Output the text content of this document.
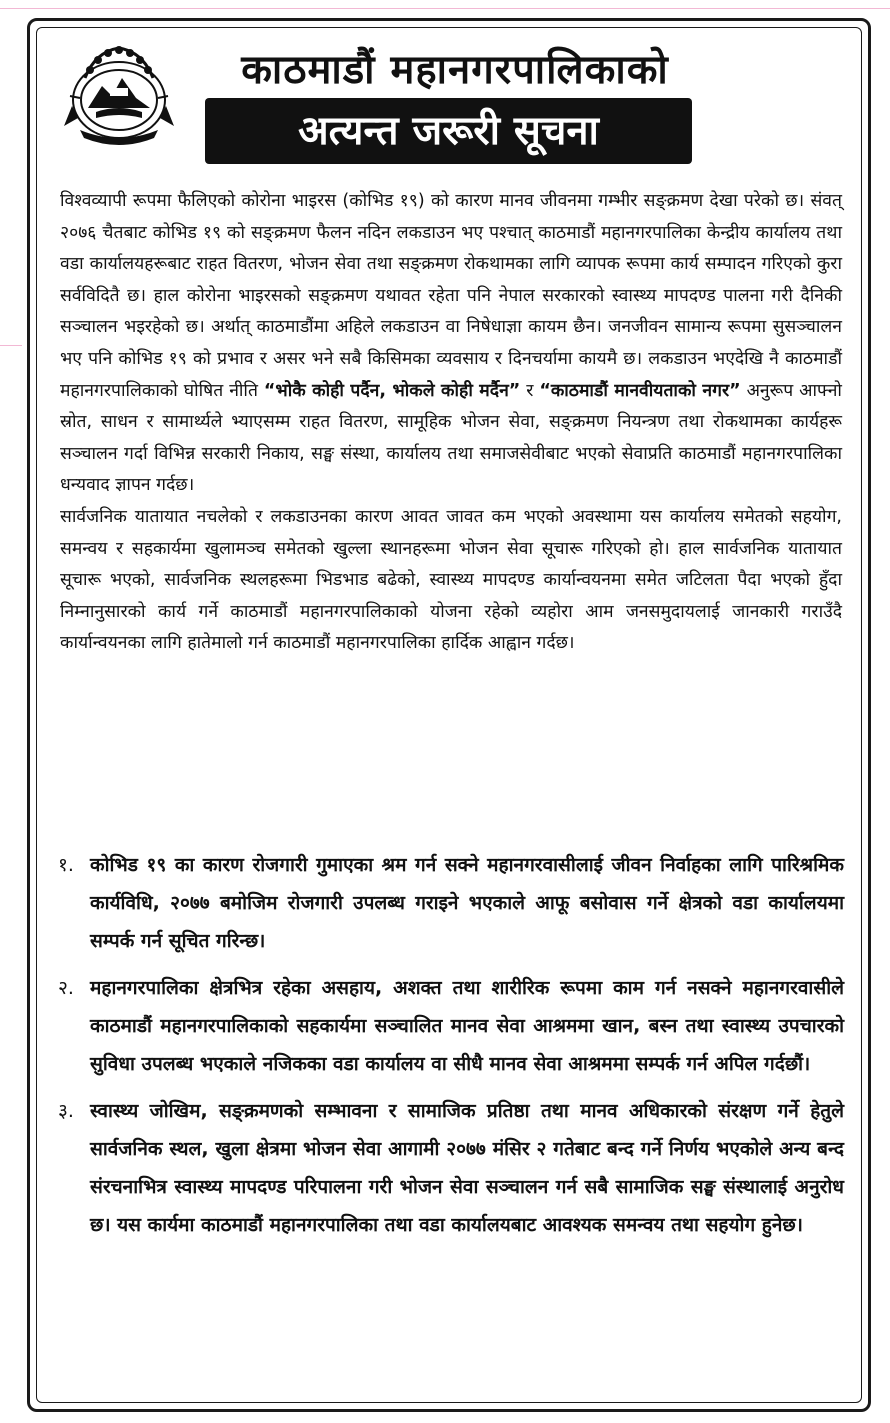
काठमाडौं महानगरपालिकाको
अत्यन्त जरूरी सूचना

विश्वव्यापी रूपमा फैलिएको कोरोना भाइरस (कोभिड १९) को कारण मानव जीवनमा गम्भीर सङ्क्रमण देखा परेको छ। संवत् २०७६ चैतबाट कोभिड १९ को सङ्क्रमण फैलन नदिन लकडाउन भए पश्चात् काठमाडौं महानगरपालिका केन्द्रीय कार्यालय तथा वडा कार्यालयहरूबाट राहत वितरण, भोजन सेवा तथा सङ्क्रमण रोकथामका लागि व्यापक रूपमा कार्य सम्पादन गरिएको कुरा सर्वविदितै छ। हाल कोरोना भाइरसको सङ्क्रमण यथावत रहेता पनि नेपाल सरकारको स्वास्थ्य मापदण्ड पालना गरी दैनिकी सञ्चालन भइरहेको छ। अर्थात् काठमाडौंमा अहिले लकडाउन वा निषेधाज्ञा कायम छैन। जनजीवन सामान्य रूपमा सुसञ्चालन भए पनि कोभिड १९ को प्रभाव र असर भने सबै किसिमका व्यवसाय र दिनचर्यामा कायमै छ। लकडाउन भएदेखि नै काठमाडौं महानगरपालिकाको घोषित नीति “भोकै कोही पर्दैन, भोकले कोही मर्दैन” र “काठमाडौं मानवीयताको नगर” अनुरूप आफ्नो स्रोत, साधन र सामार्थ्यले भ्याएसम्म राहत वितरण, सामूहिक भोजन सेवा, सङ्क्रमण नियन्त्रण तथा रोकथामका कार्यहरू सञ्चालन गर्दा विभिन्न सरकारी निकाय, सङ्घ संस्था, कार्यालय तथा समाजसेवीबाट भएको सेवाप्रति काठमाडौं महानगरपालिका धन्यवाद ज्ञापन गर्दछ।

सार्वजनिक यातायात नचलेको र लकडाउनका कारण आवत जावत कम भएको अवस्थामा यस कार्यालय समेतको सहयोग, समन्वय र सहकार्यमा खुलामञ्च समेतको खुल्ला स्थानहरूमा भोजन सेवा सूचारू गरिएको हो। हाल सार्वजनिक यातायात सूचारू भएको, सार्वजनिक स्थलहरूमा भिडभाड बढेको, स्वास्थ्य मापदण्ड कार्यान्वयनमा समेत जटिलता पैदा भएको हुँदा निम्नानुसारको कार्य गर्ने काठमाडौं महानगरपालिकाको योजना रहेको व्यहोरा आम जनसमुदायलाई जानकारी गराउँदै कार्यान्वयनका लागि हातेमालो गर्न काठमाडौं महानगरपालिका हार्दिक आह्वान गर्दछ।

१. कोभिड १९ का कारण रोजगारी गुमाएका श्रम गर्न सक्ने महानगरवासीलाई जीवन निर्वाहका लागि पारिश्रमिक कार्यविधि, २०७७ बमोजिम रोजगारी उपलब्ध गराइने भएकाले आफू बसोवास गर्ने क्षेत्रको वडा कार्यालयमा सम्पर्क गर्न सूचित गरिन्छ।
२. महानगरपालिका क्षेत्रभित्र रहेका असहाय, अशक्त तथा शारीरिक रूपमा काम गर्न नसक्ने महानगरवासीले काठमाडौं महानगरपालिकाको सहकार्यमा सञ्चालित मानव सेवा आश्रममा खान, बस्न तथा स्वास्थ्य उपचारको सुविधा उपलब्ध भएकाले नजिकका वडा कार्यालय वा सीधै मानव सेवा आश्रममा सम्पर्क गर्न अपिल गर्दछौं।
३. स्वास्थ्य जोखिम, सङ्क्रमणको सम्भावना र सामाजिक प्रतिष्ठा तथा मानव अधिकारको संरक्षण गर्ने हेतुले सार्वजनिक स्थल, खुला क्षेत्रमा भोजन सेवा आगामी २०७७ मंसिर २ गतेबाट बन्द गर्ने निर्णय भएकोले अन्य बन्द संरचनाभित्र स्वास्थ्य मापदण्ड परिपालना गरी भोजन सेवा सञ्चालन गर्न सबै सामाजिक सङ्घ संस्थालाई अनुरोध छ। यस कार्यमा काठमाडौं महानगरपालिका तथा वडा कार्यालयबाट आवश्यक समन्वय तथा सहयोग हुनेछ।
